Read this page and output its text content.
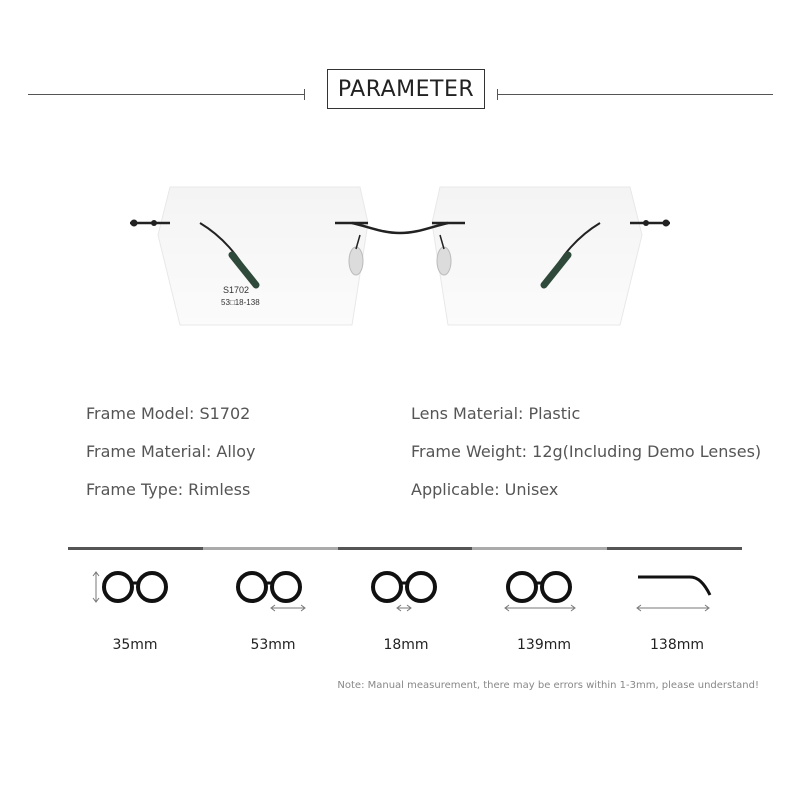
PARAMETER
S1702
53□18-138
Frame Model: S1702
Frame Material: Alloy
Frame Type: Rimless
Lens Material: Plastic
Frame Weight: 12g(Including Demo Lenses)
Applicable: Unisex
35mm	53mm	18mm	139mm	138mm
Note: Manual measurement, there may be errors within 1-3mm, please understand!
